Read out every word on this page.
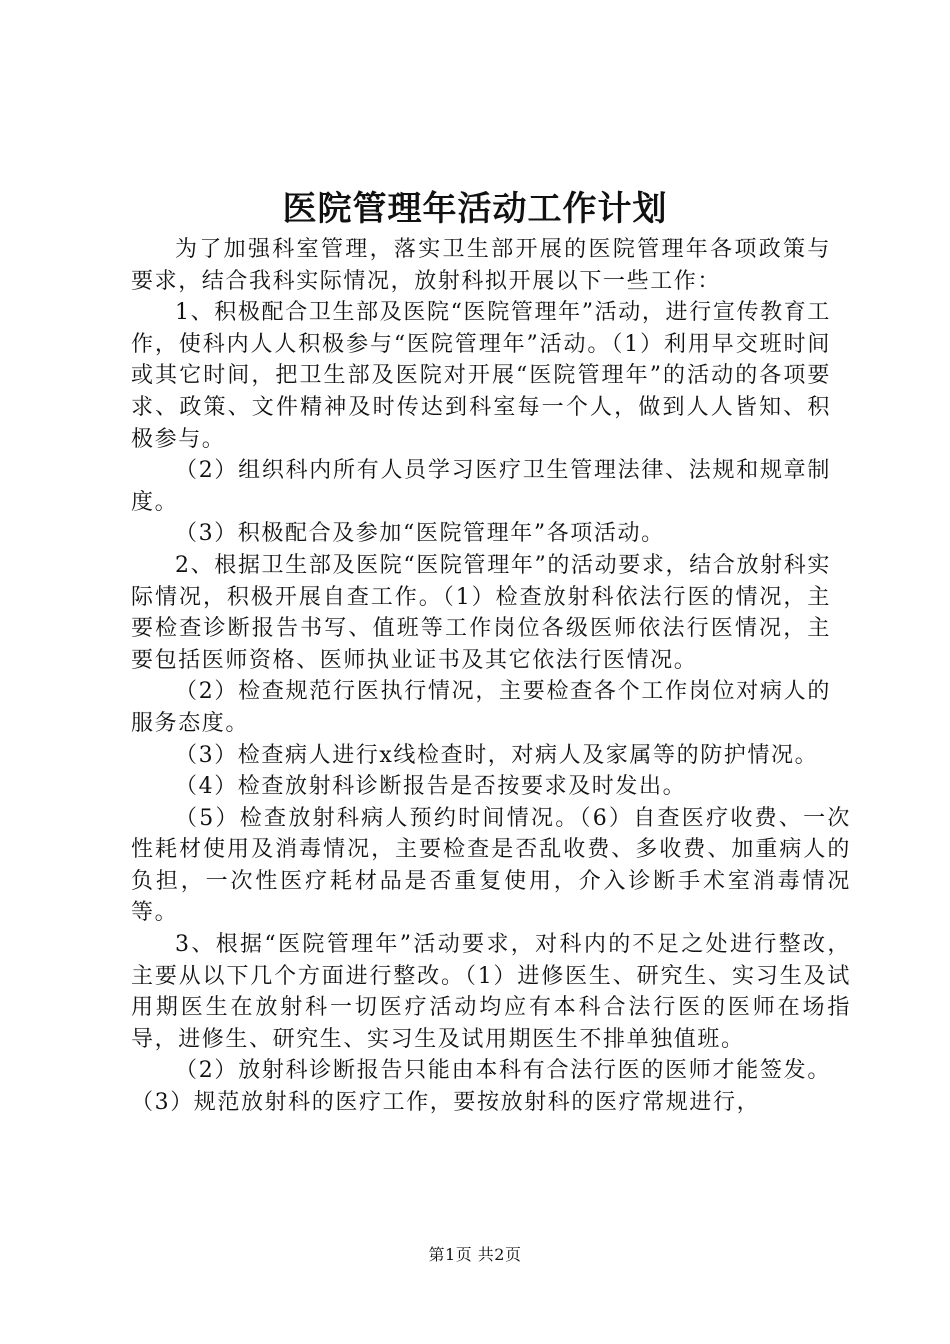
医院管理年活动工作计划

为了加强科室管理，落实卫生部开展的医院管理年各项政策与要求，结合我科实际情况，放射科拟开展以下一些工作：

1、积极配合卫生部及医院“医院管理年”活动，进行宣传教育工作，使科内人人积极参与“医院管理年”活动。（1）利用早交班时间或其它时间，把卫生部及医院对开展“医院管理年”的活动的各项要求、政策、文件精神及时传达到科室每一个人，做到人人皆知、积极参与。

（2）组织科内所有人员学习医疗卫生管理法律、法规和规章制度。

（3）积极配合及参加“医院管理年”各项活动。

2、根据卫生部及医院“医院管理年”的活动要求，结合放射科实际情况，积极开展自查工作。（1）检查放射科依法行医的情况，主要检查诊断报告书写、值班等工作岗位各级医师依法行医情况，主要包括医师资格、医师执业证书及其它依法行医情况。

（2）检查规范行医执行情况，主要检查各个工作岗位对病人的服务态度。

（3）检查病人进行x线检查时，对病人及家属等的防护情况。

（4）检查放射科诊断报告是否按要求及时发出。

（5）检查放射科病人预约时间情况。（6）自查医疗收费、一次性耗材使用及消毒情况，主要检查是否乱收费、多收费、加重病人的负担，一次性医疗耗材品是否重复使用，介入诊断手术室消毒情况等。

3、根据“医院管理年”活动要求，对科内的不足之处进行整改，主要从以下几个方面进行整改。（1）进修医生、研究生、实习生及试用期医生在放射科一切医疗活动均应有本科合法行医的医师在场指导，进修生、研究生、实习生及试用期医生不排单独值班。

（2）放射科诊断报告只能由本科有合法行医的医师才能签发。（3）规范放射科的医疗工作，要按放射科的医疗常规进行，

第1页 共2页
